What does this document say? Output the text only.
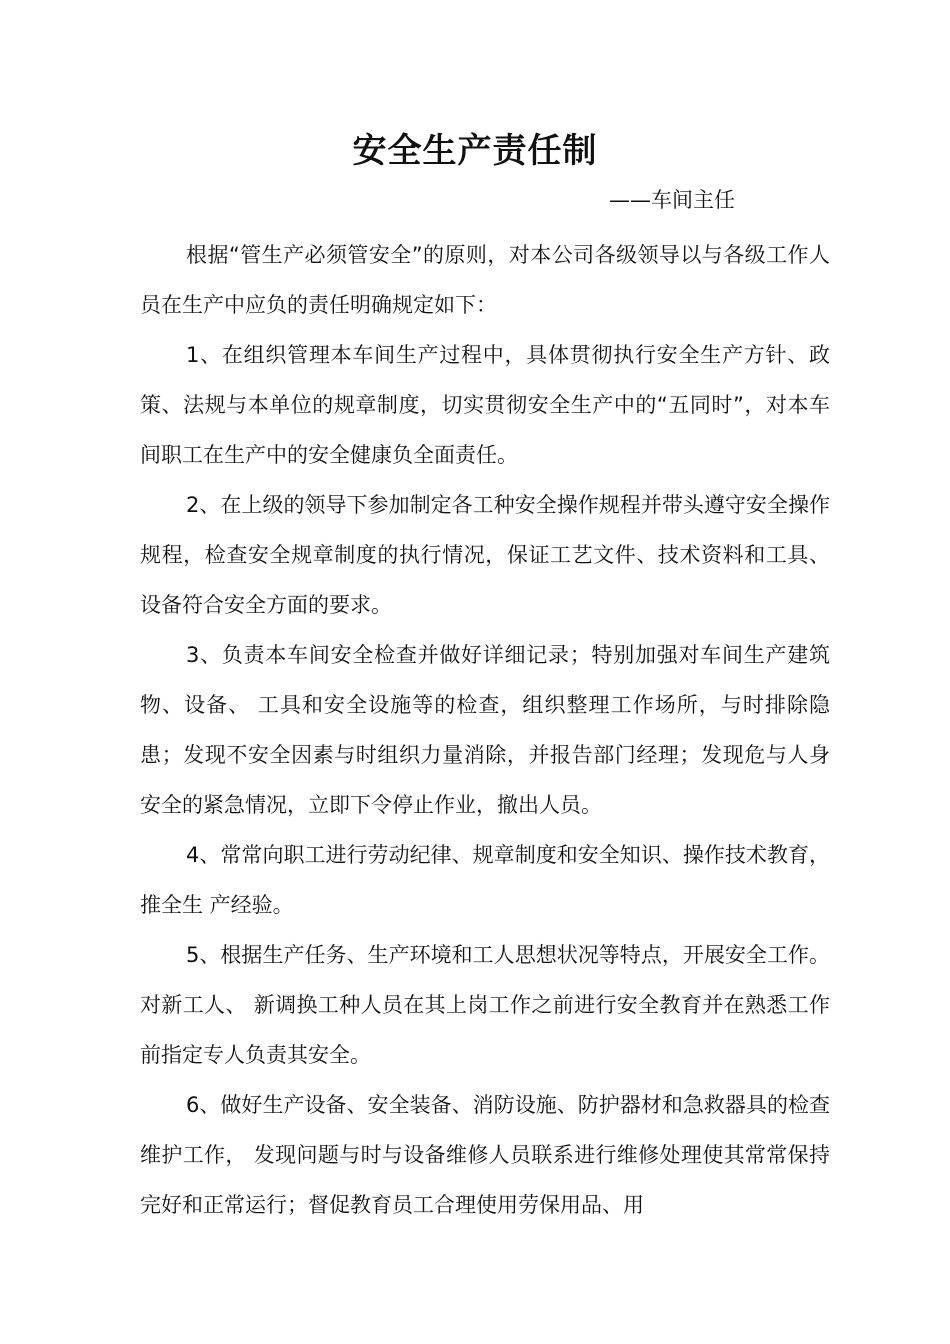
安全生产责任制
——车间主任

根据“管生产必须管安全”的原则，对本公司各级领导以与各级工作人员在生产中应负的责任明确规定如下：

1、在组织管理本车间生产过程中，具体贯彻执行安全生产方针、政策、法规与本单位的规章制度，切实贯彻安全生产中的“五同时”，对本车间职工在生产中的安全健康负全面责任。

2、在上级的领导下参加制定各工种安全操作规程并带头遵守安全操作规程，检查安全规章制度的执行情况，保证工艺文件、技术资料和工具、设备符合安全方面的要求。

3、负责本车间安全检查并做好详细记录；特别加强对车间生产建筑物、设备、 工具和安全设施等的检查，组织整理工作场所，与时排除隐患；发现不安全因素与时组织力量消除，并报告部门经理；发现危与人身安全的紧急情况，立即下令停止作业，撤出人员。

4、常常向职工进行劳动纪律、规章制度和安全知识、操作技术教育，推全生 产经验。

5、根据生产任务、生产环境和工人思想状况等特点，开展安全工作。对新工人、 新调换工种人员在其上岗工作之前进行安全教育并在熟悉工作前指定专人负责其安全。

6、做好生产设备、安全装备、消防设施、防护器材和急救器具的检查维护工作， 发现问题与时与设备维修人员联系进行维修处理使其常常保持完好和正常运行；督促教育员工合理使用劳保用品、用
